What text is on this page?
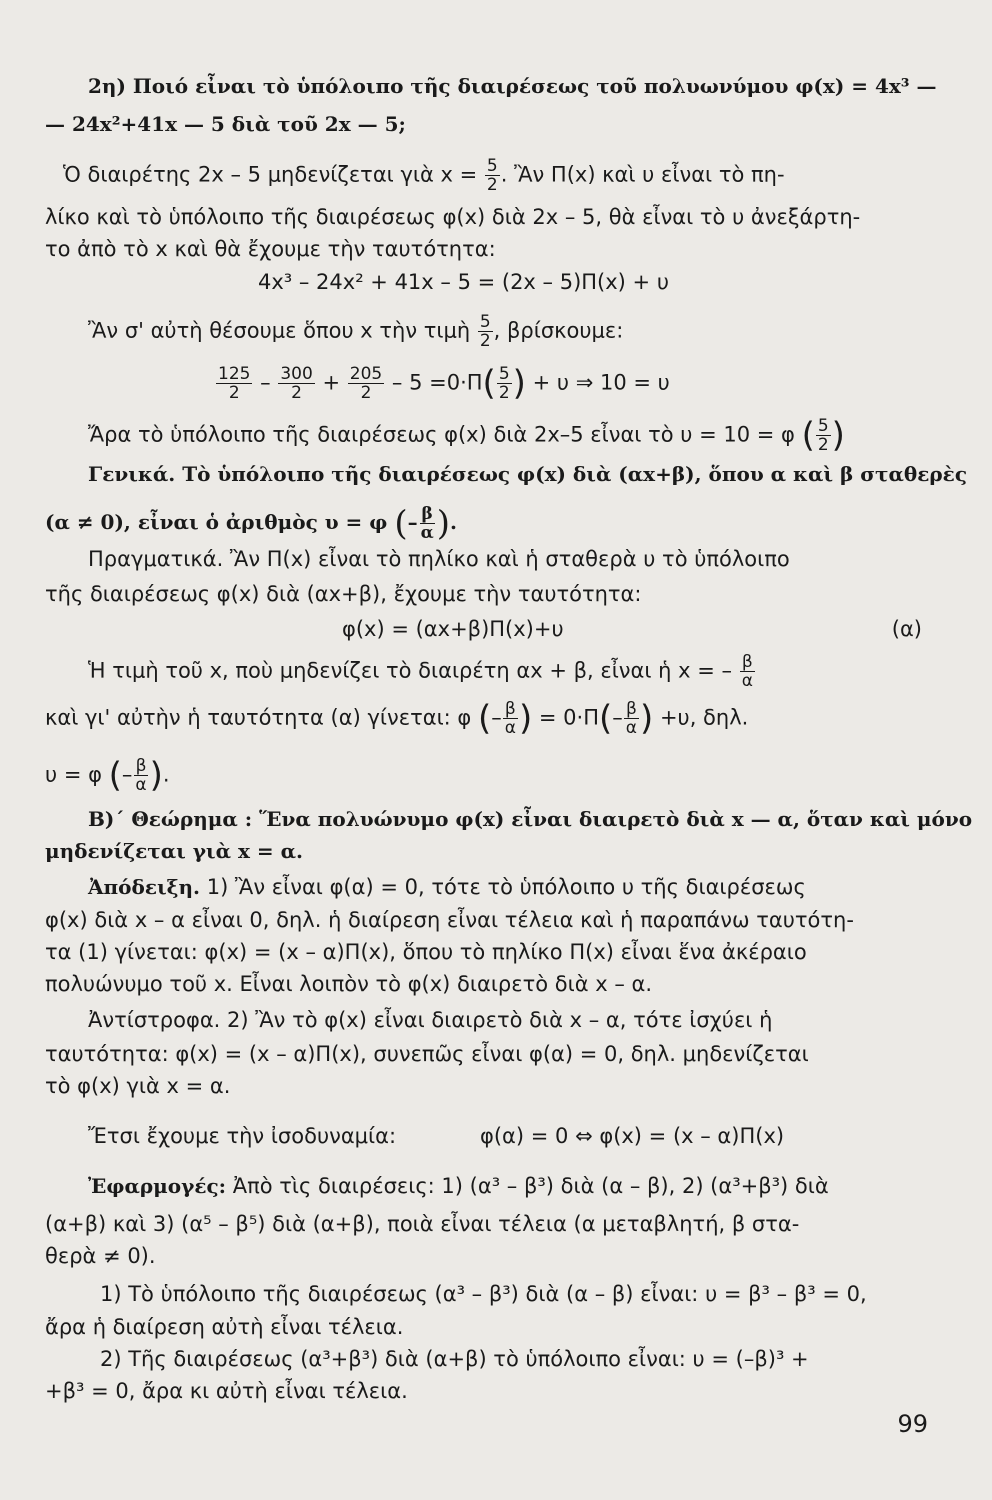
2η) Ποιό εἶναι τὸ ὑπόλοιπο τῆς διαιρέσεως τοῦ πολυωνύμου φ(x) = 4x³ —
— 24x²+41x — 5 διὰ τοῦ 2x — 5;
Ὁ διαιρέτης 2x – 5 μηδενίζεται γιὰ $x = \frac{5}{2}$ . Ἂν Π(x) καὶ υ εἶναι τὸ πη-
λίκο καὶ τὸ ὑπόλοιπο τῆς διαιρέσεως φ(x) διὰ 2x – 5, θὰ εἶναι τὸ υ ἀνεξάρτη-
το ἀπὸ τὸ x καὶ θὰ ἔχουμε τὴν ταυτότητα:
4x³ – 24x² + 41x – 5 = (2x – 5)Π(x) + υ
Ἂν σ' αὐτὴ θέσουμε ὅπου x τὴν τιμὴ $\frac{5}{2}$ , βρίσκουμε:
$\frac{125}{2} - \frac{300}{2} + \frac{205}{2} - 5 =0\cdot\Pi( \frac{5}{2}$ ) + υ ⇒ 10 = υ
Ἄρα τὸ ὑπόλοιπο τῆς διαιρέσεως φ(x) διὰ 2x–5 εἶναι τὸ υ = 10 = φ ( $\frac{5}{2}$ )
Γενικά. Τὸ ὑπόλοιπο τῆς διαιρέσεως φ(x) διὰ (αx+β), ὅπου α καὶ β σταθερὲς
(α ≠ 0), εἶναι ὁ ἀριθμὸς υ = φ (– $\frac{\beta}{\alpha}$ ).
Πραγματικά. Ἂν Π(x) εἶναι τὸ πηλίκο καὶ ἡ σταθερὰ υ τὸ ὑπόλοιπο
τῆς διαιρέσεως φ(x) διὰ (αx+β), ἔχουμε τὴν ταυτότητα:
φ(x) = (αx+β)Π(x)+υ	(α)
Ἡ τιμὴ τοῦ x, ποὺ μηδενίζει τὸ διαιρέτη αx + β, εἶναι ἡ x = – $\frac{\beta}{\alpha}$
καὶ γι' αὐτὴν ἡ ταυτότητα (α) γίνεται: φ (– $\frac{\beta}{\alpha}$ ) = $0\cdot\Pi(- \frac{\beta}{\alpha}$ ) +υ, δηλ.
υ = φ (– $\frac{\beta}{\alpha}$ ).
B)΄ Θεώρημα : Ἕνα πολυώνυμο φ(x) εἶναι διαιρετὸ διὰ x — α, ὅταν καὶ μόνο
μηδενίζεται γιὰ x = α.
Ἀπόδειξη. 1) Ἂν εἶναι φ(α) = 0, τότε τὸ ὑπόλοιπο υ τῆς διαιρέσεως
φ(x) διὰ x – α εἶναι 0, δηλ. ἡ διαίρεση εἶναι τέλεια καὶ ἡ παραπάνω ταυτότη-
τα (1) γίνεται: φ(x) = (x – α)Π(x), ὅπου τὸ πηλίκο Π(x) εἶναι ἕνα ἀκέραιο
πολυώνυμο τοῦ x. Εἶναι λοιπὸν τὸ φ(x) διαιρετὸ διὰ x – α.
Ἀντίστροφα. 2) Ἂν τὸ φ(x) εἶναι διαιρετὸ διὰ x – α, τότε ἰσχύει ἡ
ταυτότητα: φ(x) = (x – α)Π(x), συνεπῶς εἶναι φ(α) = 0, δηλ. μηδενίζεται
τὸ φ(x) γιὰ x = α.
Ἔτσι ἔχουμε τὴν ἰσοδυναμία:	φ(α) = 0 ⇔ φ(x) = (x – α)Π(x)
Ἐφαρμογές: Ἀπὸ τὶς διαιρέσεις: 1) (α³ – β³) διὰ (α – β), 2) (α³+β³) διὰ
(α+β) καὶ 3) (α⁵ – β⁵) διὰ (α+β), ποιὰ εἶναι τέλεια (α μεταβλητή, β στα-
θερὰ ≠ 0).
1) Τὸ ὑπόλοιπο τῆς διαιρέσεως (α³ – β³) διὰ (α – β) εἶναι: υ = β³ – β³ = 0,
ἄρα ἡ διαίρεση αὐτὴ εἶναι τέλεια.
2) Τῆς διαιρέσεως (α³+β³) διὰ (α+β) τὸ ὑπόλοιπο εἶναι: υ = (–β)³ +
+β³ = 0, ἄρα κι αὐτὴ εἶναι τέλεια.
99
